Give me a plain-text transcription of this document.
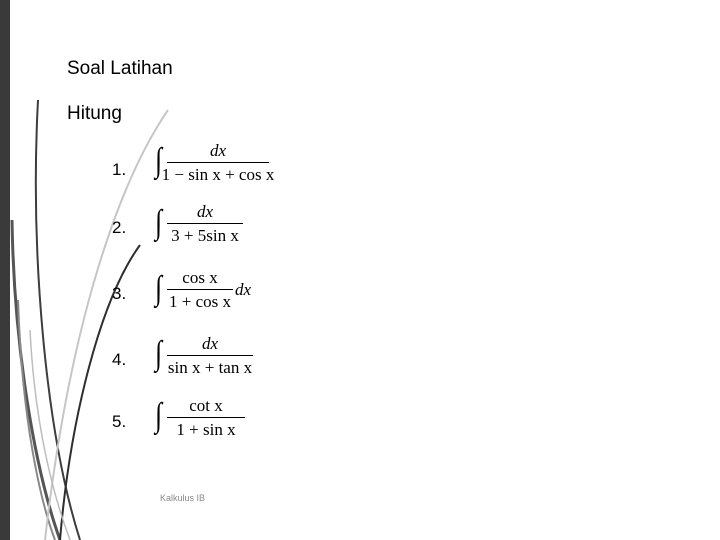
Soal Latihan
Hitung
1. ∫	dx
1 − sin x + cos x
2. ∫ dx
3 + 5sin x
3. ∫ cos x
1 + cos x
dx
4. ∫ dx
sin x + tan x
5. ∫ cot x
1 + sin x
Kalkulus IB
